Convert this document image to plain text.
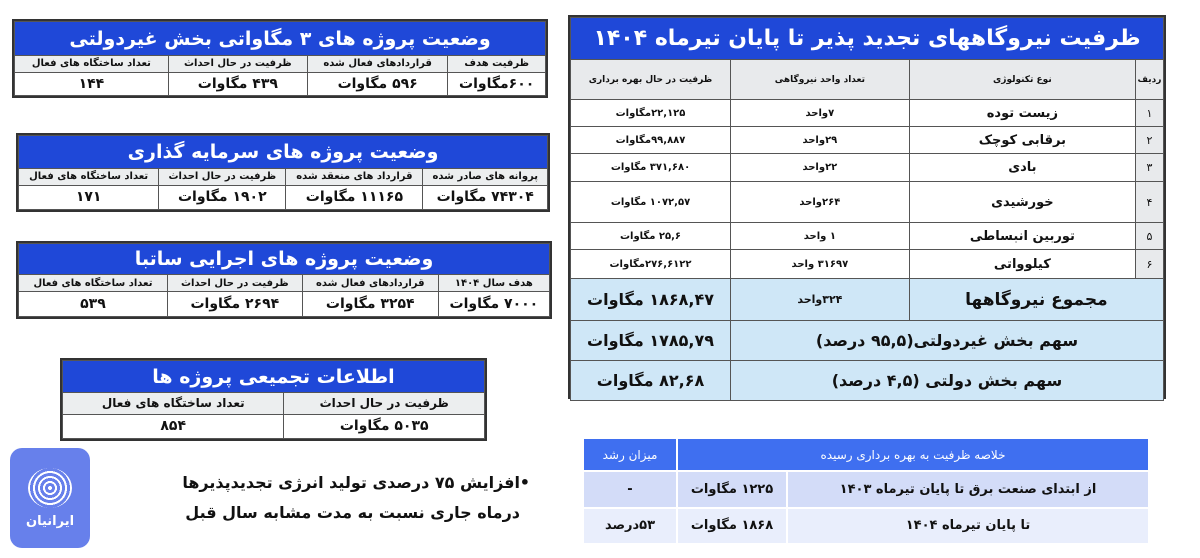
وضعیت پروژه های ۳ مگاواتی بخش غیردولتی			
ظرفیت هدف	قراردادهای فعال شده	ظرفیت در حال احداث	تعداد ساختگاه های فعال
۶۰۰مگاوات	۵۹۶ مگاوات	۴۳۹ مگاوات	۱۴۴
وضعیت پروژه های سرمایه گذاری			
پروانه های صادر شده	قرارداد های منعقد شده	ظرفیت در حال احداث	تعداد ساختگاه های فعال
۷۴۳۰۴ مگاوات	۱۱۱۶۵ مگاوات	۱۹۰۲ مگاوات	۱۷۱
وضعیت پروژه های اجرایی ساتبا			
هدف سال ۱۴۰۴	قراردادهای فعال شده	ظرفیت در حال احداث	تعداد ساختگاه های فعال
۷۰۰۰ مگاوات	۳۲۵۴ مگاوات	۲۶۹۴ مگاوات	۵۳۹
اطلاعات تجمیعی پروژه ها	
ظرفیت در حال احداث	تعداد ساختگاه های فعال
۵۰۳۵ مگاوات	۸۵۴
ایرانیان
•
افزایش ۷۵ درصدی تولید انرژی تجدیدپذیرها
درماه جاری نسبت به مدت مشابه سال قبل
ظرفیت نیروگاههای تجدید پذیر تا پایان تیرماه ۱۴۰۴			
ردیف	نوع تکنولوژی	تعداد واحد نیروگاهی	ظرفیت در حال بهره برداری
۱	زیست توده	۷واحد	۲۲,۱۲۵مگاوات
۲	برقابی کوچک	۲۹واحد	۹۹,۸۸۷مگاوات
۳	بادی	۲۲واحد	۳۷۱,۶۸۰ مگاوات
۴	خورشیدی	۲۶۴واحد	۱۰۷۲,۵۷ مگاوات
۵	توربین انبساطی	۱ واحد	۲۵,۶ مگاوات
۶	کیلوواتی	۳۱۶۹۷ واحد	۲۷۶,۶۱۲۲مگاوات
مجموع نیروگاهها		۳۲۴واحد	۱۸۶۸,۴۷ مگاوات
سهم بخش غیردولتی(۹۵,۵ درصد)			۱۷۸۵,۷۹ مگاوات
سهم بخش دولتی (۴,۵ درصد)			۸۲,۶۸ مگاوات
خلاصه ظرفیت به بهره برداری رسیده		میزان رشد
از ابتدای صنعت برق تا پایان تیرماه ۱۴۰۳	۱۲۲۵ مگاوات	-
تا پایان تیرماه ۱۴۰۴	۱۸۶۸ مگاوات	۵۳درصد
